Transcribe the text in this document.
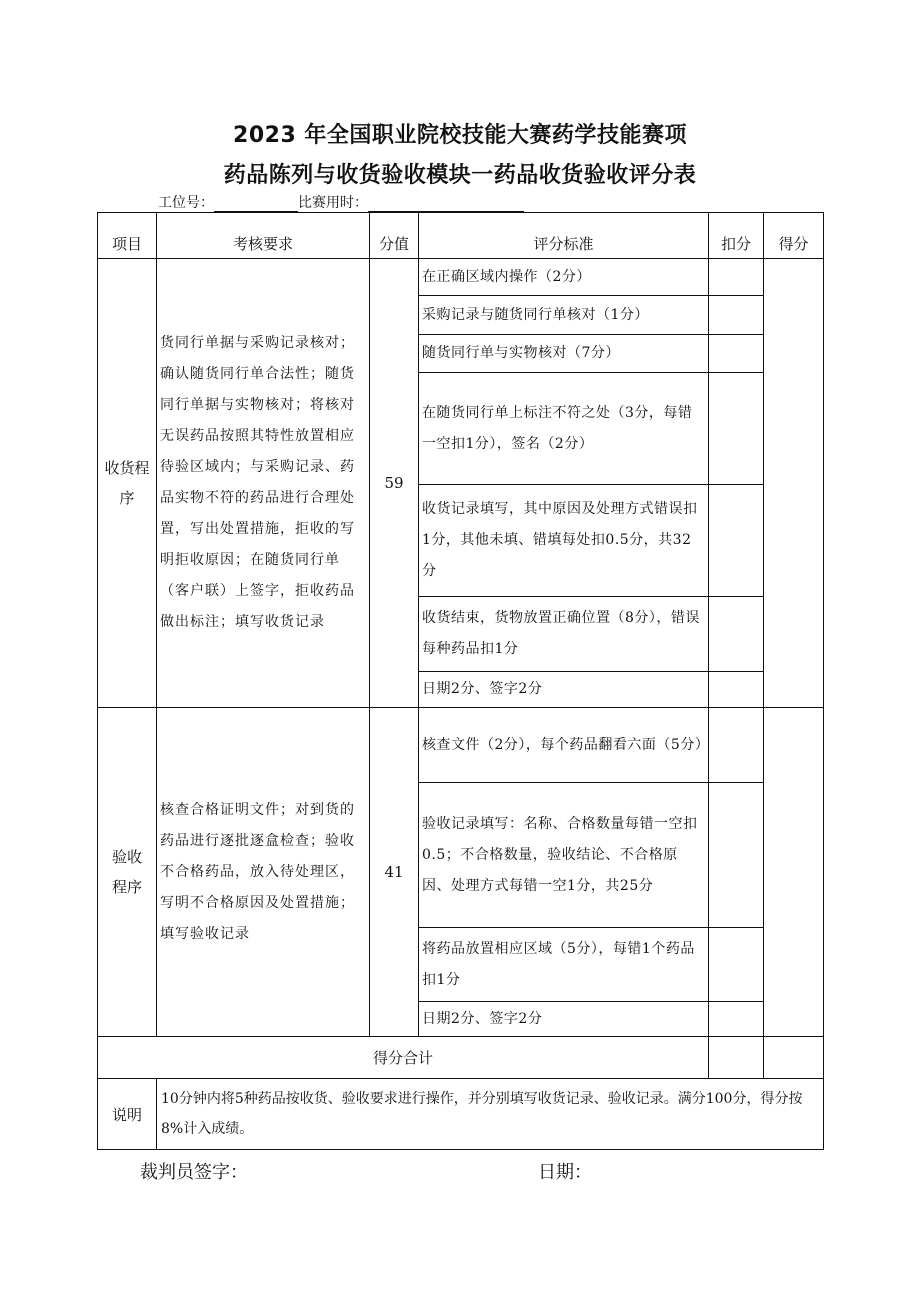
2023 年全国职业院校技能大赛药学技能赛项
药品陈列与收货验收模块一药品收货验收评分表
工位号：	比赛用时：
项目	考核要求	分值	评分标准	扣分	得分

收货程序	货同行单据与采购记录核对；确认随货同行单合法性；随货同行单据与实物核对；将核对无误药品按照其特性放置相应待验区域内；与采购记录、药品实物不符的药品进行合理处置，写出处置措施，拒收的写明拒收原因；在随货同行单（客户联）上签字，拒收药品做出标注；填写收货记录	59	在正确区域内操作（2分）		
			采购记录与随货同行单核对（1分）		
			随货同行单与实物核对（7分）		
			在随货同行单上标注不符之处（3分，每错一空扣1分），签名（2分）		
			收货记录填写，其中原因及处理方式错误扣1分，其他未填、错填每处扣0.5分，共32分		
			收货结束，货物放置正确位置（8分），错误每种药品扣1分		
			日期2分、签字2分		

验收程序	核查合格证明文件；对到货的药品进行逐批逐盒检查；验收不合格药品，放入待处理区，写明不合格原因及处置措施；填写验收记录	41	核查文件（2分），每个药品翻看六面（5分）		
			验收记录填写：名称、合格数量每错一空扣0.5；不合格数量，验收结论、不合格原因、处理方式每错一空1分，共25分		
			将药品放置相应区域（5分），每错1个药品扣1分		
			日期2分、签字2分		
得分合计					
说明	10分钟内将5种药品按收货、验收要求进行操作，并分别填写收货记录、验收记录。满分100分，得分按8%计入成绩。				
裁判员签字：	日期：
